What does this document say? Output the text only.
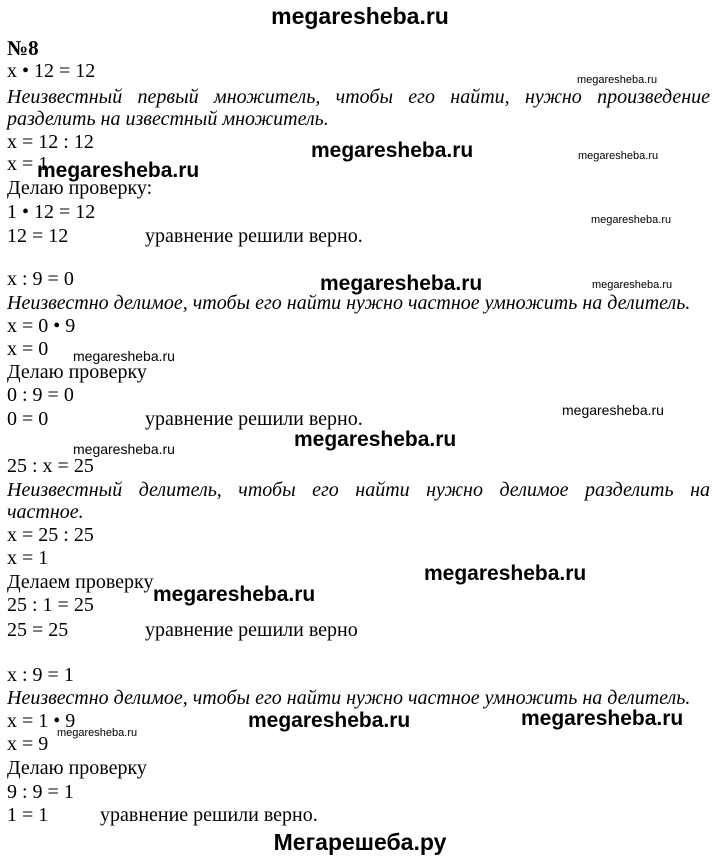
megaresheba.ru
№8
x • 12 = 12
Неизвестный первый множитель, чтобы его найти, нужно произведение
разделить на известный множитель.
x = 12 : 12
x = 1
Делаю проверку:
1 • 12 = 12
12 = 12	уравнение решили верно.
x : 9 = 0
Неизвестно делимое, чтобы его найти нужно частное умножить на делитель.
x = 0 • 9
x = 0
Делаю проверку
0 : 9 = 0
0 = 0	уравнение решили верно.
25 : x = 25
Неизвестный делитель, чтобы его найти нужно делимое разделить на
частное.
x = 25 : 25
x = 1
Делаем проверку
25 : 1 = 25
25 = 25	уравнение решили верно
x : 9 = 1
Неизвестно делимое, чтобы его найти нужно частное умножить на делитель.
x = 1 • 9
x = 9
Делаю проверку
9 : 9 = 1
1 = 1	уравнение решили верно.
megaresheba.ru
megaresheba.ru
megaresheba.ru
megaresheba.ru
megaresheba.ru
megaresheba.ru	megaresheba.ru
megaresheba.ru
megaresheba.ru
megaresheba.ru
megaresheba.ru
megaresheba.ru
megaresheba.ru
megaresheba.ru	megaresheba.ru
megaresheba.ru
Мегарешеба.ру
